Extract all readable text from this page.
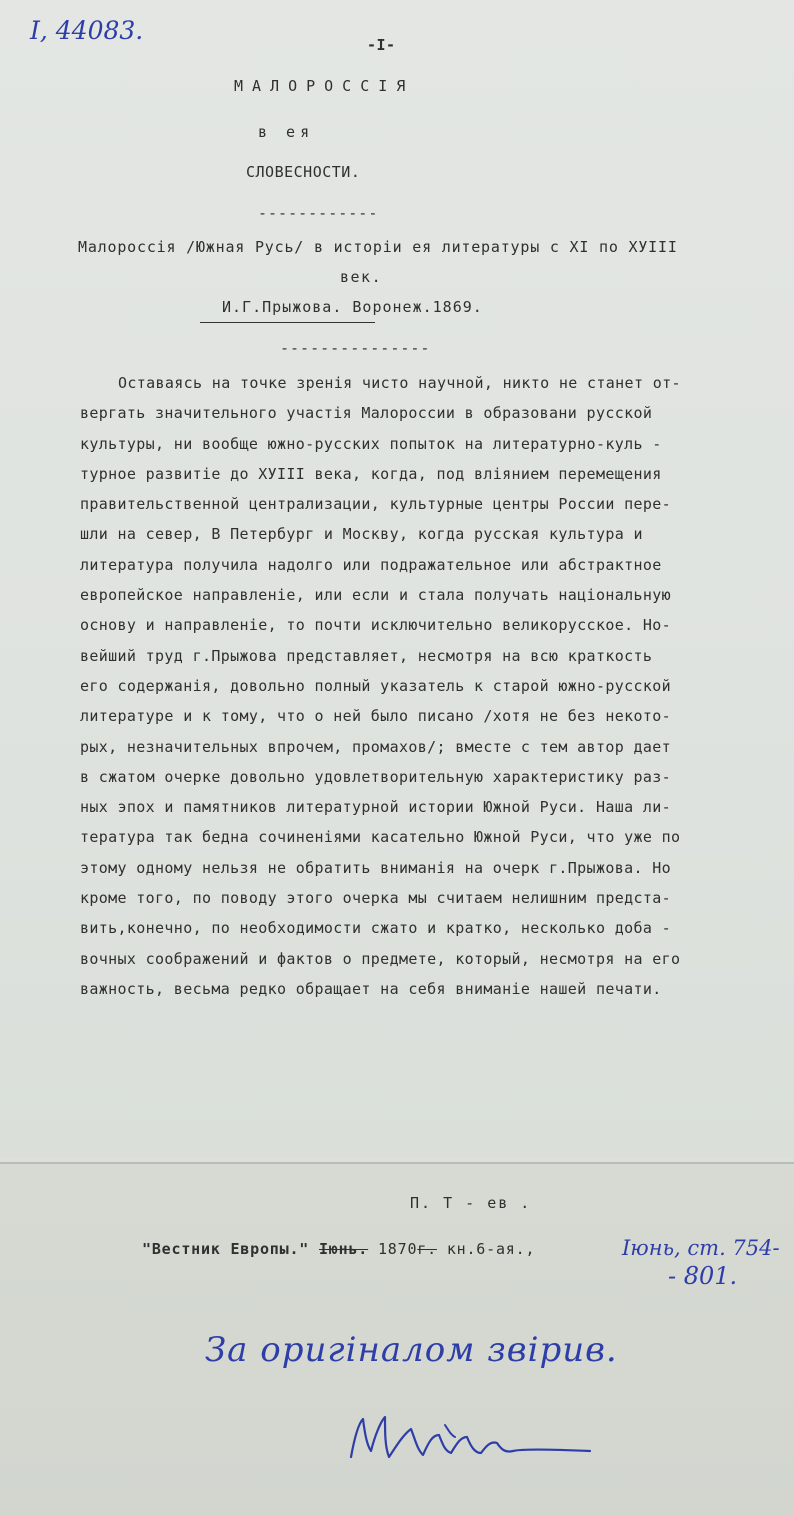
І, 44083.	-I-
МАЛОРОССІЯ
в ея
СЛОВЕСНОСТИ.
------------
Малороссія /Южная Русь/ в исторіи ея литературы с XI по XУIII
век.
И.Г.Прыжова. Воронеж.1869.
---------------
Оставаясь на точке зренія чисто научной, никто не станет от-
вергать значительного участія Малороссии в образовани русской
культуры, ни вообще южно-русских попыток на литературно-куль -
турное развитіе до XУIII века, когда, под вліянием перемещения
правительственной централизации, культурные центры России пере-
шли на север, В Петербург и Москву, когда русская культура и
литература получила надолго или подражательное или абстрактное
европейское направленіе, или если и стала получать національную
основу и направленіе, то почти исключительно великорусское. Но-
вейший труд г.Прыжова представляет, несмотря на всю краткость
его содержанія, довольно полный указатель к старой южно-русской
литературе и к тому, что о ней было писано /хотя не без некото-
рых, незначительных впрочем, промахов/; вместе с тем автор дает
в сжатом очерке довольно удовлетворительную характеристику раз-
ных эпох и памятников литературной истории Южной Руси. Наша ли-
тература так бедна сочиненіями касательно Южной Руси, что уже по
этому одному нельзя не обратить вниманія на очерк г.Прыжова. Но
кроме того, по поводу этого очерка мы считаем нелишним предста-
вить,конечно, по необходимости сжато и кратко, несколько доба -
вочных соображений и фактов о предмете, который, несмотря на его
важность, весьма редко обращает на себя вниманіе нашей печати.
П. Т - ев .
"Вестник Европы." Іюнь. 1870г. кн.6-ая.,	Іюнь, ст. 754-
- 801.
За оригіналом звірив.
